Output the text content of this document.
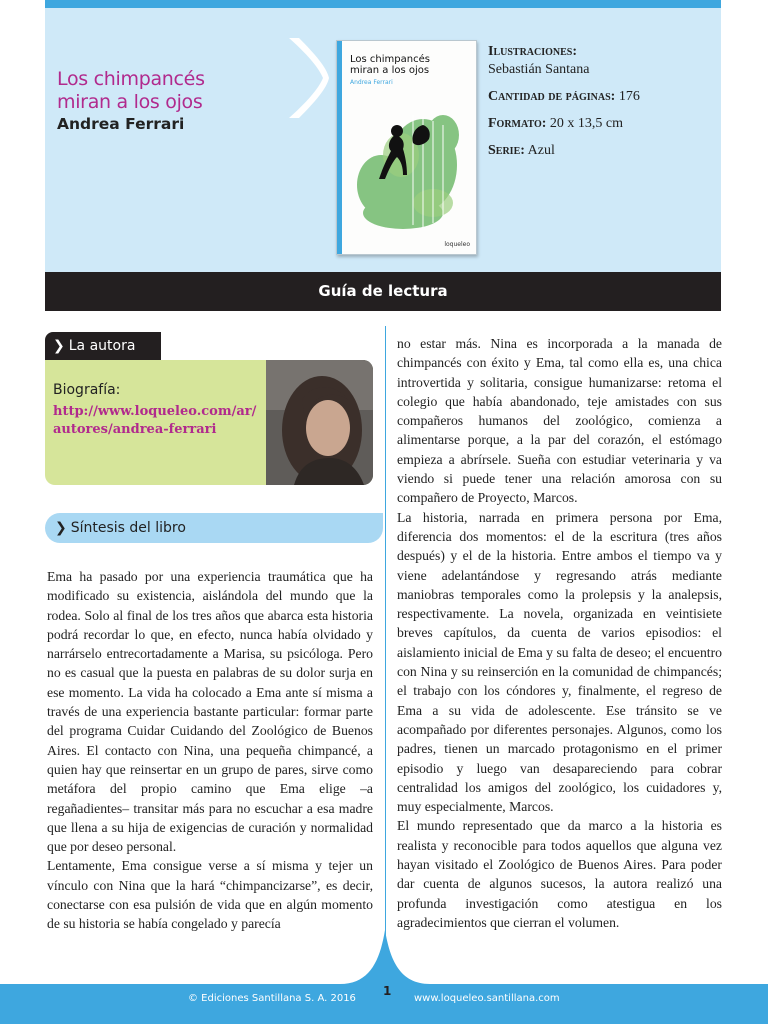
Los chimpancés
miran a los ojos
Andrea Ferrari
Los chimpancés
miran a los ojos
Andrea Ferrari
loqueleo
Ilustraciones:
Sebastián Santana
Cantidad de páginas: 176
Formato: 20 x 13,5 cm
Serie: Azul
Guía de lectura
❯ La autora
Biografía:
http://www.loqueleo.com/ar/
autores/andrea-ferrari
❯ Síntesis del libro

Ema ha pasado por una experiencia traumática que ha modificado su existencia, aislándola del mundo que la rodea. Solo al final de los tres años que abarca esta historia podrá recordar lo que, en efecto, nunca había olvidado y narrárselo entrecortadamente a Marisa, su psicóloga. Pero no es casual que la puesta en palabras de su dolor surja en ese momento. La vida ha colocado a Ema ante sí misma a través de una experiencia bastante particular: formar parte del programa Cuidar Cuidando del Zoológico de Buenos Aires. El contacto con Nina, una pequeña chimpancé, a quien hay que reinsertar en un grupo de pares, sirve como metáfora del propio camino que Ema elige –a regañadientes– transitar más para no escuchar a esa madre que llena a su hija de exigencias de curación y normalidad que por deseo personal.

Lentamente, Ema consigue verse a sí misma y tejer un vínculo con Nina que la hará “chimpancizarse”, es decir, conectarse con esa pulsión de vida que en algún momento de su historia se había congelado y parecía

no estar más. Nina es incorporada a la manada de chimpancés con éxito y Ema, tal como ella es, una chica introvertida y solitaria, consigue humanizarse: retoma el colegio que había abandonado, teje amistades con sus compañeros humanos del zoológico, comienza a alimentarse porque, a la par del corazón, el estómago empieza a abrírsele. Sueña con estudiar veterinaria y va viendo si puede tener una relación amorosa con su compañero de Proyecto, Marcos.

La historia, narrada en primera persona por Ema, diferencia dos momentos: el de la escritura (tres años después) y el de la historia. Entre ambos el tiempo va y viene adelantándose y regresando atrás mediante maniobras temporales como la prolepsis y la analepsis, respectivamente. La novela, organizada en veintisiete breves capítulos, da cuenta de varios episodios: el aislamiento inicial de Ema y su falta de deseo; el encuentro con Nina y su reinserción en la comunidad de chimpancés; el trabajo con los cóndores y, finalmente, el regreso de Ema a su vida de adolescente. Ese tránsito se ve acompañado por diferentes personajes. Algunos, como los padres, tienen un marcado protagonismo en el primer episodio y luego van desapareciendo para cobrar centralidad los amigos del zoológico, los cuidadores y, muy especialmente, Marcos.

El mundo representado que da marco a la historia es realista y reconocible para todos aquellos que alguna vez hayan visitado el Zoológico de Buenos Aires. Para poder dar cuenta de algunos sucesos, la autora realizó una profunda investigación como atestigua en los agradecimientos que cierran el volumen.

© Ediciones Santillana S. A. 2016
1
www.loqueleo.santillana.com
